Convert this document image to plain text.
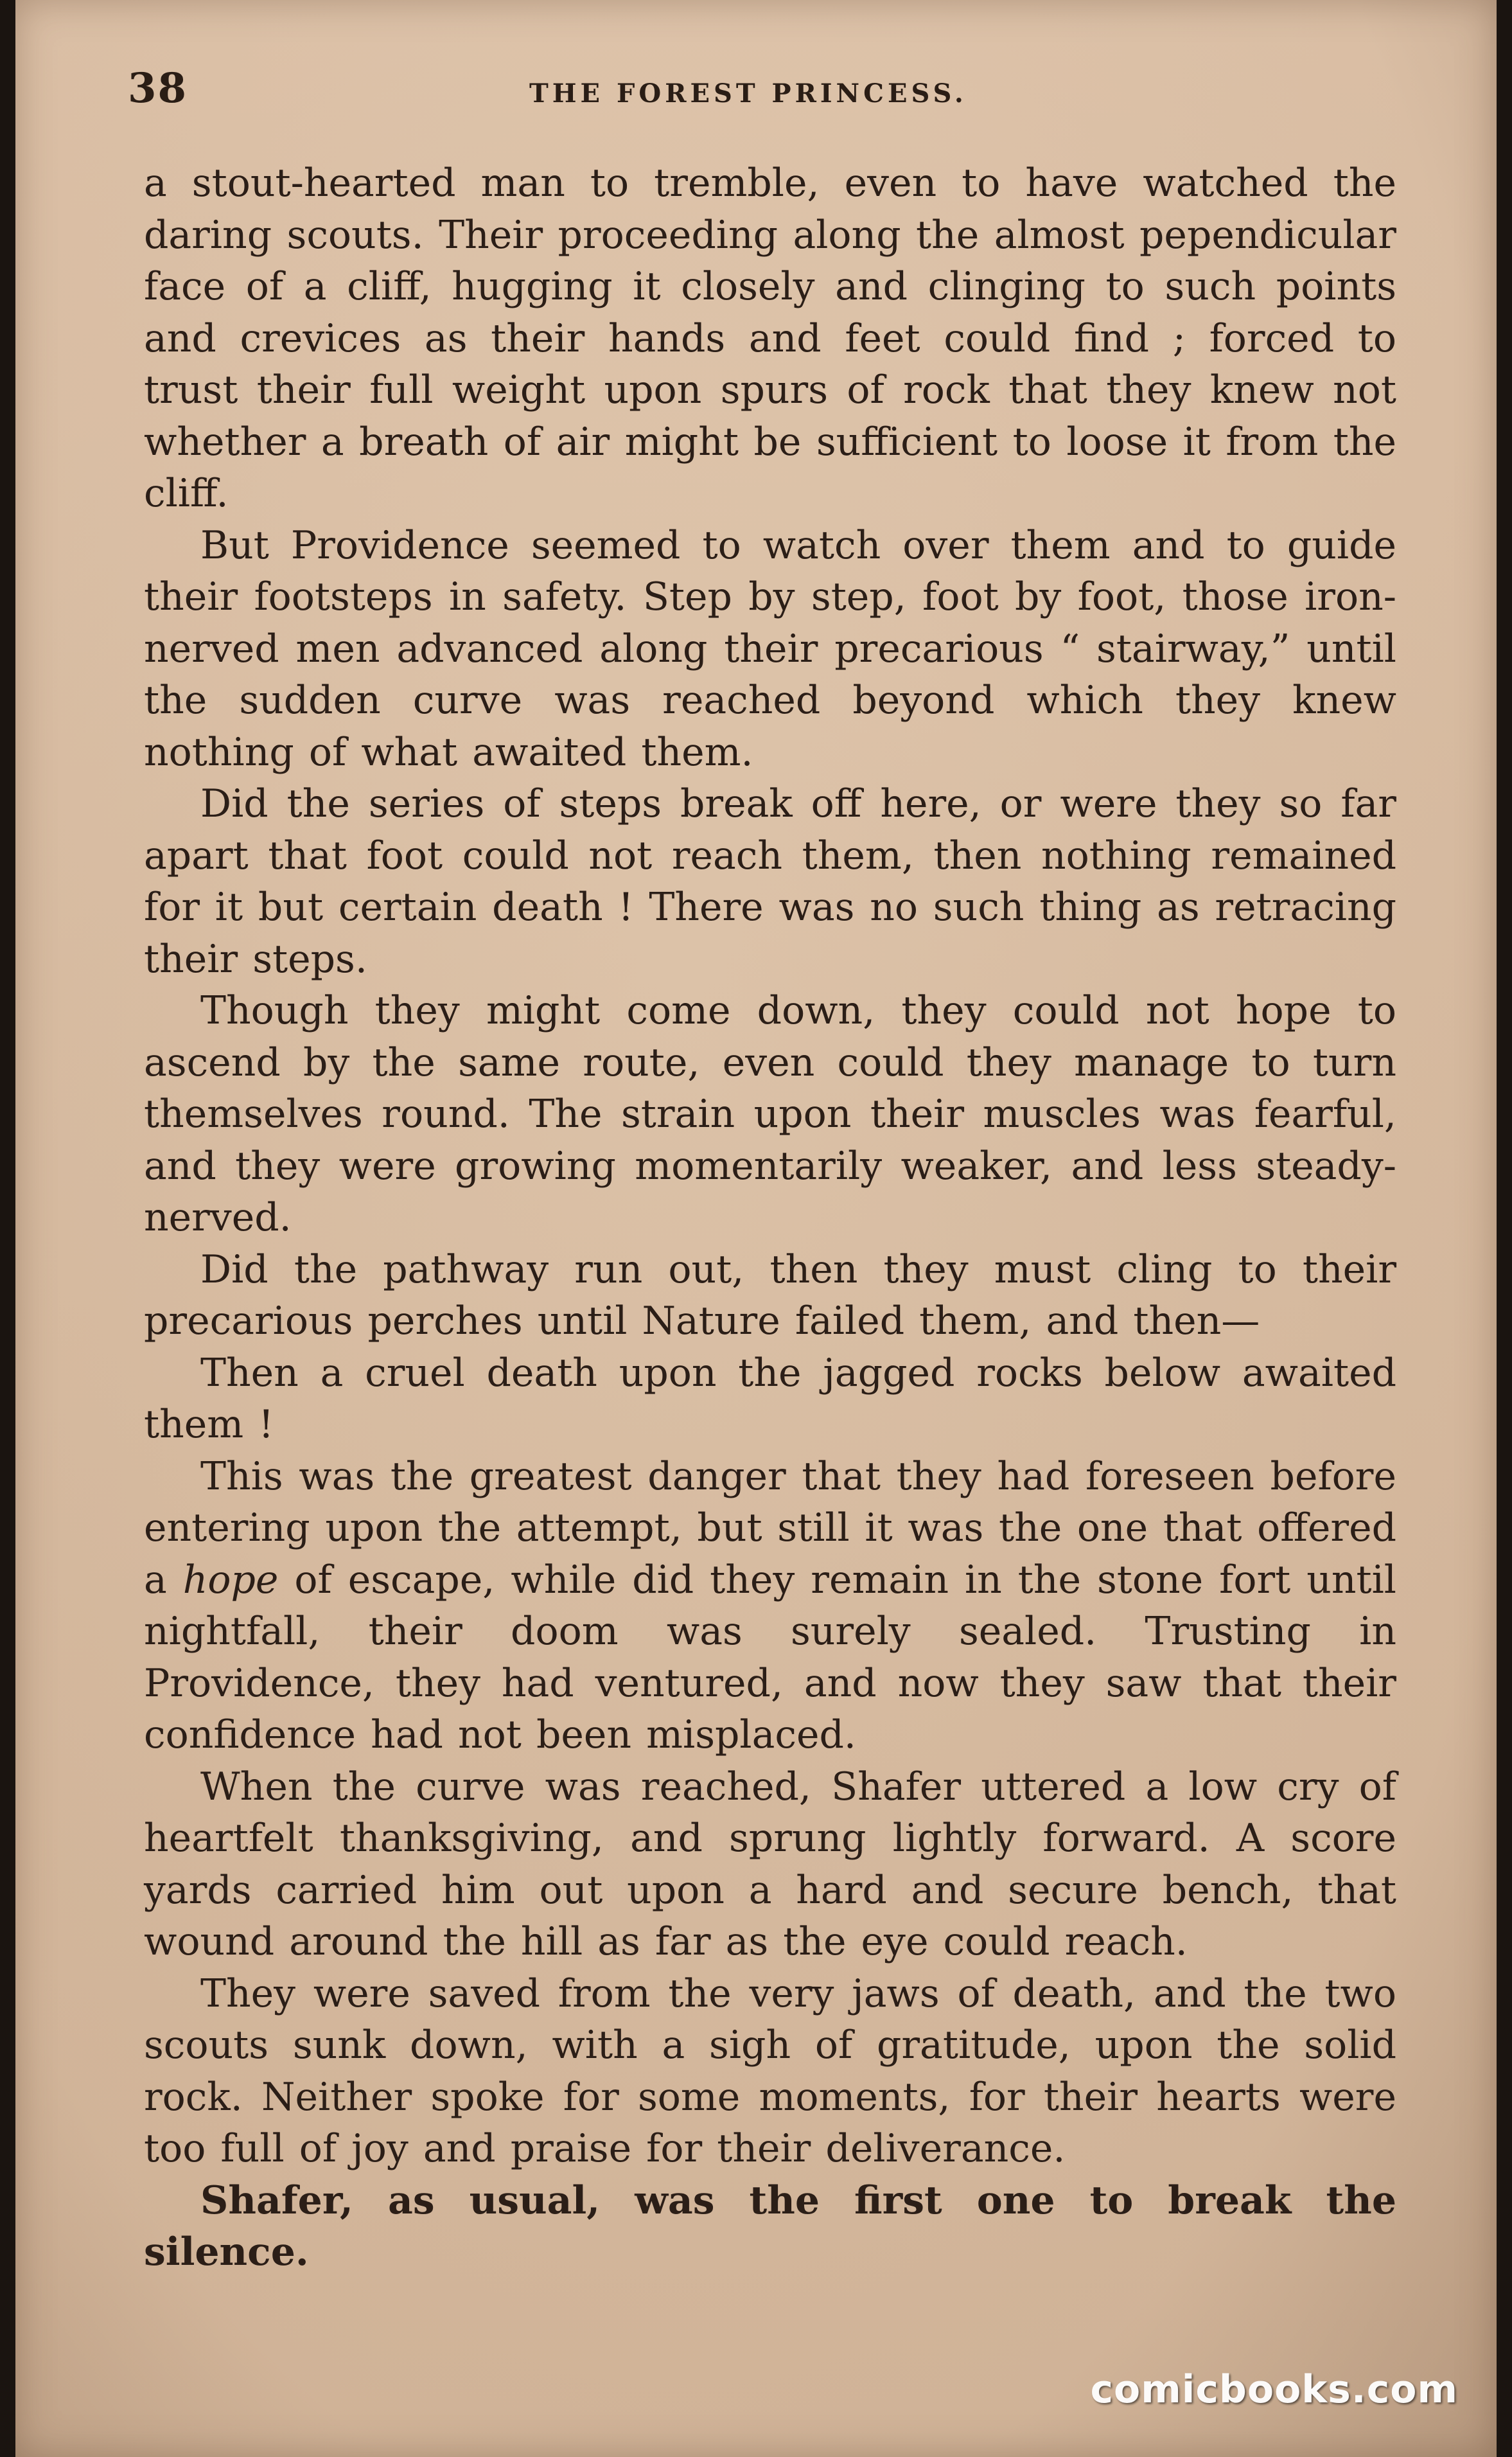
38	THE FOREST PRINCESS.

a stout-hearted man to tremble, even to have watched the daring scouts. Their proceeding along the almost pependicular face of a cliff, hugging it closely and clinging to such points and crevices as their hands and feet could find ; forced to trust their full weight upon spurs of rock that they knew not whether a breath of air might be sufficient to loose it from the cliff.

But Providence seemed to watch over them and to guide their footsteps in safety. Step by step, foot by foot, those iron-nerved men advanced along their precarious “ stairway,” until the sudden curve was reached beyond which they knew nothing of what awaited them.

Did the series of steps break off here, or were they so far apart that foot could not reach them, then nothing remained for it but certain death ! There was no such thing as retracing their steps.

Though they might come down, they could not hope to ascend by the same route, even could they manage to turn themselves round. The strain upon their muscles was fearful, and they were growing momentarily weaker, and less steady-nerved.

Did the pathway run out, then they must cling to their precarious perches until Nature failed them, and then—

Then a cruel death upon the jagged rocks below awaited them !

This was the greatest danger that they had foreseen before entering upon the attempt, but still it was the one that offered a hope of escape, while did they remain in the stone fort until nightfall, their doom was surely sealed. Trusting in Providence, they had ventured, and now they saw that their confidence had not been misplaced.

When the curve was reached, Shafer uttered a low cry of heartfelt thanksgiving, and sprung lightly forward. A score yards carried him out upon a hard and secure bench, that wound around the hill as far as the eye could reach.

They were saved from the very jaws of death, and the two scouts sunk down, with a sigh of gratitude, upon the solid rock. Neither spoke for some moments, for their hearts were too full of joy and praise for their deliverance.

Shafer, as usual, was the first one to break the silence.

comicbooks.com
